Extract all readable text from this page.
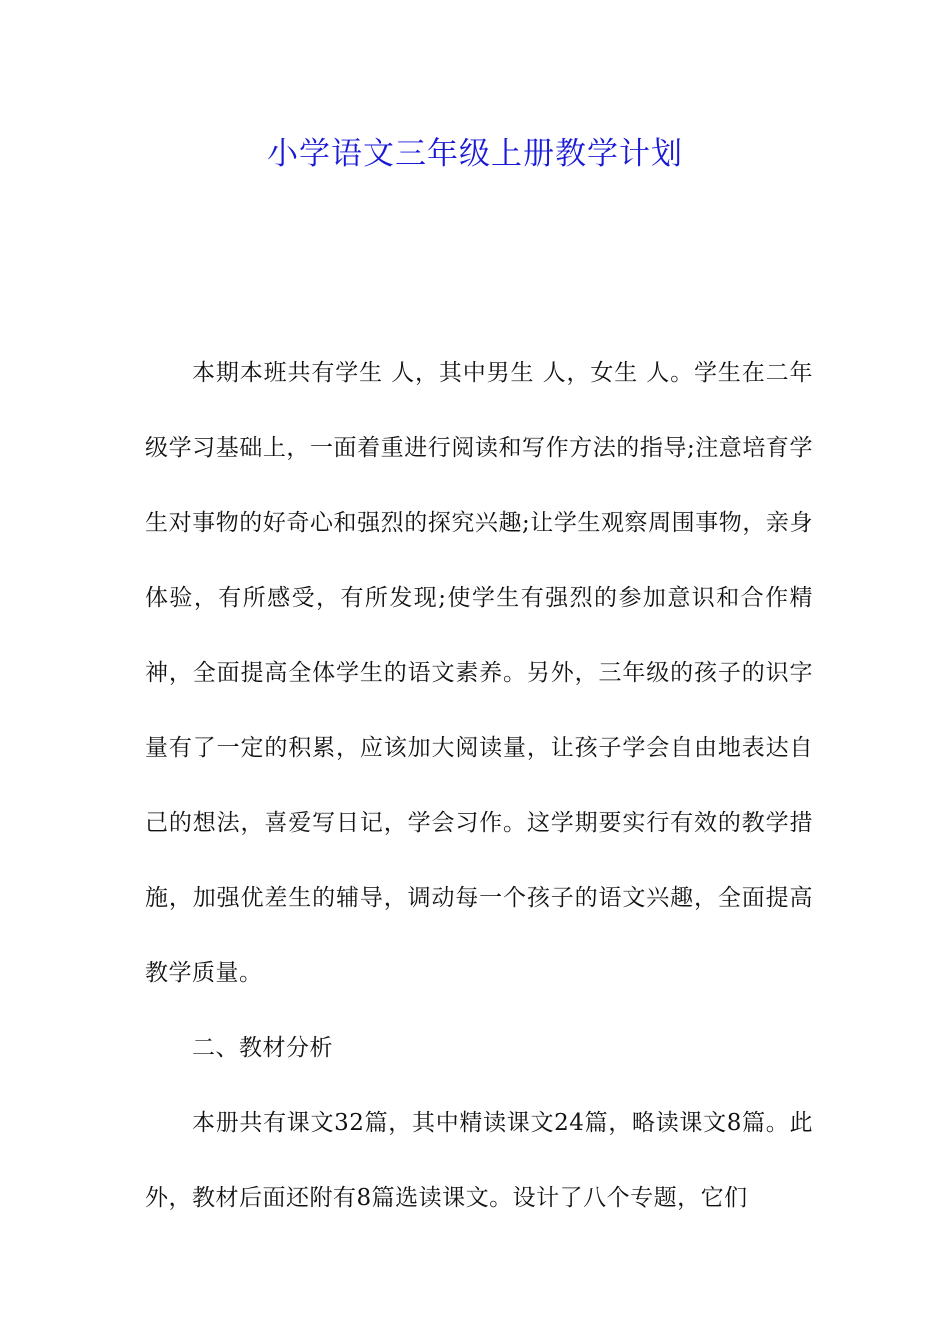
小学语文三年级上册教学计划

本期本班共有学生 人，其中男生 人，女生 人。学生在二年级学习基础上，一面着重进行阅读和写作方法的指导;注意培育学生对事物的好奇心和强烈的探究兴趣;让学生观察周围事物，亲身体验，有所感受，有所发现;使学生有强烈的参加意识和合作精神，全面提高全体学生的语文素养。另外，三年级的孩子的识字量有了一定的积累，应该加大阅读量，让孩子学会自由地表达自己的想法，喜爱写日记，学会习作。这学期要实行有效的教学措施，加强优差生的辅导，调动每一个孩子的语文兴趣，全面提高教学质量。

二、教材分析

本册共有课文32篇，其中精读课文24篇，略读课文8篇。此外，教材后面还附有8篇选读课文。设计了八个专题，它们
